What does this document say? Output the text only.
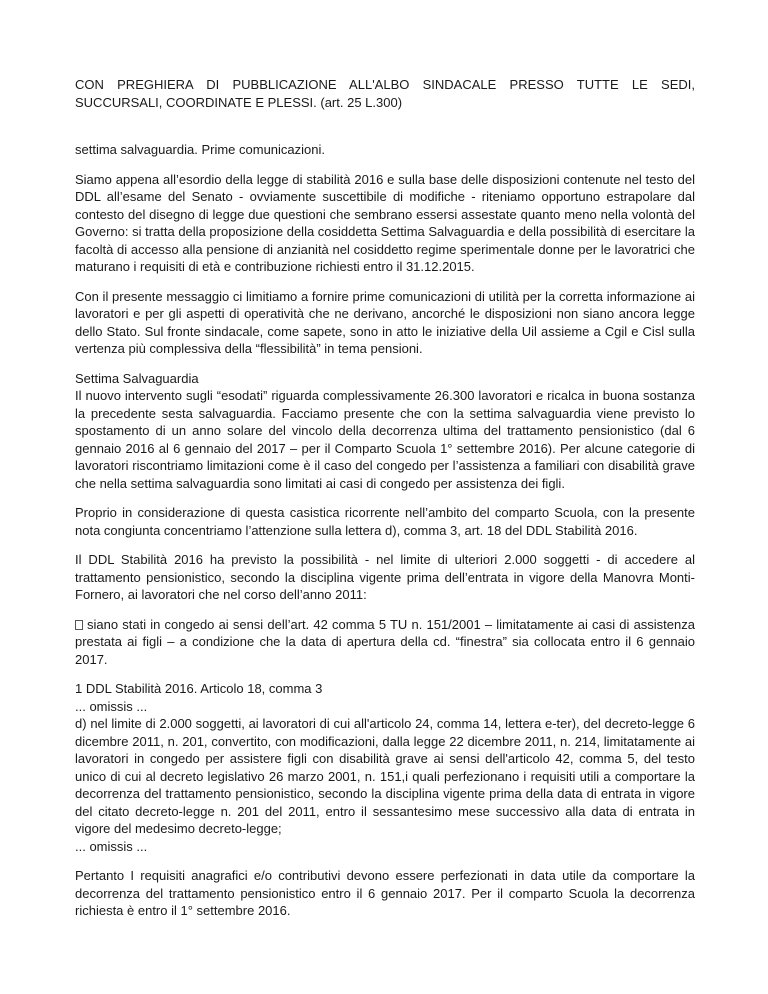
CON PREGHIERA DI PUBBLICAZIONE ALL'ALBO SINDACALE PRESSO TUTTE LE SEDI, SUCCURSALI, COORDINATE E PLESSI. (art. 25 L.300)

settima salvaguardia. Prime comunicazioni.

Siamo appena all’esordio della legge di stabilità 2016 e sulla base delle disposizioni contenute nel testo del DDL all’esame del Senato - ovviamente suscettibile di modifiche - riteniamo opportuno estrapolare dal contesto del disegno di legge due questioni che sembrano essersi assestate quanto meno nella volontà del Governo: si tratta della proposizione della cosiddetta Settima Salvaguardia e della possibilità di esercitare la facoltà di accesso alla pensione di anzianità nel cosiddetto regime sperimentale donne per le lavoratrici che maturano i requisiti di età e contribuzione richiesti entro il 31.12.2015.

Con il presente messaggio ci limitiamo a fornire prime comunicazioni di utilità per la corretta informazione ai lavoratori e per gli aspetti di operatività che ne derivano, ancorché le disposizioni non siano ancora legge dello Stato. Sul fronte sindacale, come sapete, sono in atto le iniziative della Uil assieme a Cgil e Cisl sulla vertenza più complessiva della “flessibilità” in tema pensioni.

Settima Salvaguardia
Il nuovo intervento sugli “esodati” riguarda complessivamente 26.300 lavoratori e ricalca in buona sostanza la precedente sesta salvaguardia. Facciamo presente che con la settima salvaguardia viene previsto lo spostamento di un anno solare del vincolo della decorrenza ultima del trattamento pensionistico (dal 6 gennaio 2016 al 6 gennaio del 2017 – per il Comparto Scuola 1° settembre 2016). Per alcune categorie di lavoratori riscontriamo limitazioni come è il caso del congedo per l’assistenza a familiari con disabilità grave che nella settima salvaguardia sono limitati ai casi di congedo per assistenza dei figli.

Proprio in considerazione di questa casistica ricorrente nell’ambito del comparto Scuola, con la presente nota congiunta concentriamo l’attenzione sulla lettera d), comma 3, art. 18 del DDL Stabilità 2016.

Il DDL Stabilità 2016 ha previsto la possibilità - nel limite di ulteriori 2.000 soggetti - di accedere al trattamento pensionistico, secondo la disciplina vigente prima dell’entrata in vigore della Manovra Monti-Fornero, ai lavoratori che nel corso dell’anno 2011:

siano stati in congedo ai sensi dell’art. 42 comma 5 TU n. 151/2001 – limitatamente ai casi di assistenza prestata ai figli – a condizione che la data di apertura della cd. “finestra” sia collocata entro il 6 gennaio 2017.

1 DDL Stabilità 2016. Articolo 18, comma 3
... omissis ...
d) nel limite di 2.000 soggetti, ai lavoratori di cui all'articolo 24, comma 14, lettera e-ter), del decreto-legge 6 dicembre 2011, n. 201, convertito, con modificazioni, dalla legge 22 dicembre 2011, n. 214, limitatamente ai lavoratori in congedo per assistere figli con disabilità grave ai sensi dell'articolo 42, comma 5, del testo unico di cui al decreto legislativo 26 marzo 2001, n. 151,i quali perfezionano i requisiti utili a comportare la decorrenza del trattamento pensionistico, secondo la disciplina vigente prima della data di entrata in vigore del citato decreto-legge n. 201 del 2011, entro il sessantesimo mese successivo alla data di entrata in vigore del medesimo decreto-legge;
... omissis ...

Pertanto I requisiti anagrafici e/o contributivi devono essere perfezionati in data utile da comportare la decorrenza del trattamento pensionistico entro il 6 gennaio 2017. Per il comparto Scuola la decorrenza richiesta è entro il 1° settembre 2016.
